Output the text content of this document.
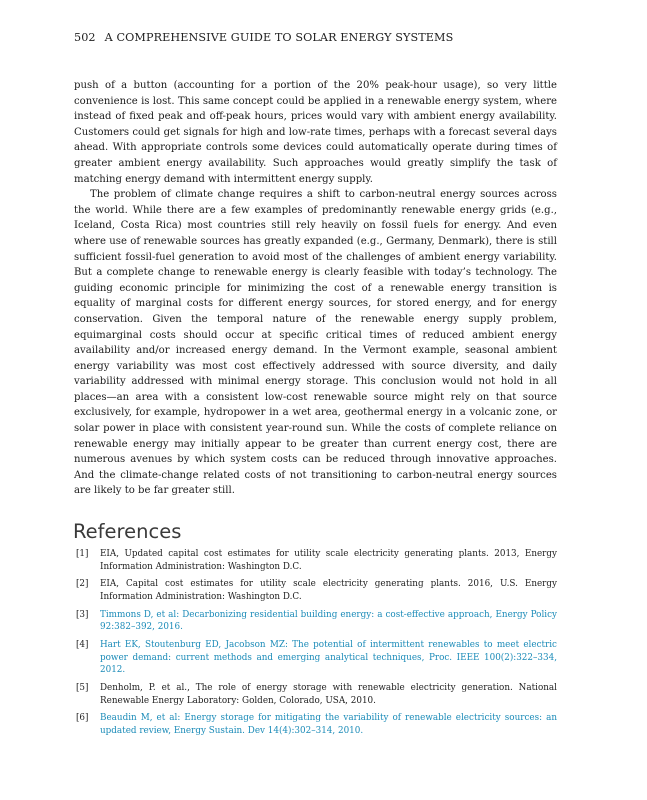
502 A COMPREHENSIVE GUIDE TO SOLAR ENERGY SYSTEMS

push of a button (accounting for a portion of the 20% peak-hour usage), so very little convenience is lost. This same concept could be applied in a renewable energy system, where instead of fixed peak and off-peak hours, prices would vary with ambient energy availability. Customers could get signals for high and low-rate times, perhaps with a forecast several days ahead. With appropriate controls some devices could automatically operate during times of greater ambient energy availability. Such approaches would greatly simplify the task of matching energy demand with intermittent energy supply.

The problem of climate change requires a shift to carbon-neutral energy sources across the world. While there are a few examples of predominantly renewable energy grids (e.g., Iceland, Costa Rica) most countries still rely heavily on fossil fuels for energy. And even where use of renewable sources has greatly expanded (e.g., Germany, Denmark), there is still sufficient fossil-fuel generation to avoid most of the challenges of ambient energy variability. But a complete change to renewable energy is clearly feasible with today’s technology. The guiding economic principle for minimizing the cost of a renewable energy transition is equality of marginal costs for different energy sources, for stored energy, and for energy conservation. Given the temporal nature of the renewable energy supply problem, equimarginal costs should occur at specific critical times of reduced ambient energy availability and/or increased energy demand. In the Vermont example, seasonal ambient energy variability was most cost effectively addressed with source diversity, and daily variability addressed with minimal energy storage. This conclusion would not hold in all places—an area with a consistent low-cost renewable source might rely on that source exclusively, for example, hydropower in a wet area, geothermal energy in a volcanic zone, or solar power in place with consistent year-round sun. While the costs of complete reliance on renewable energy may initially appear to be greater than current energy cost, there are numerous avenues by which system costs can be reduced through innovative approaches. And the climate-change related costs of not transitioning to carbon-neutral energy sources are likely to be far greater still.

References
[1]	EIA, Updated capital cost estimates for utility scale electricity generating plants. 2013, Energy Information Administration: Washington D.C.
[2]	EIA, Capital cost estimates for utility scale electricity generating plants. 2016, U.S. Energy Information Administration: Washington D.C.
[3]	Timmons D, et al: Decarbonizing residential building energy: a cost-effective approach, Energy Policy 92:382–392, 2016.
[4]	Hart EK, Stoutenburg ED, Jacobson MZ: The potential of intermittent renewables to meet electric power demand: current methods and emerging analytical techniques, Proc. IEEE 100(2):322–334, 2012.
[5]	Denholm, P. et al., The role of energy storage with renewable electricity generation. National Renewable Energy Laboratory: Golden, Colorado, USA, 2010.
[6]	Beaudin M, et al: Energy storage for mitigating the variability of renewable electricity sources: an updated review, Energy Sustain. Dev 14(4):302–314, 2010.
